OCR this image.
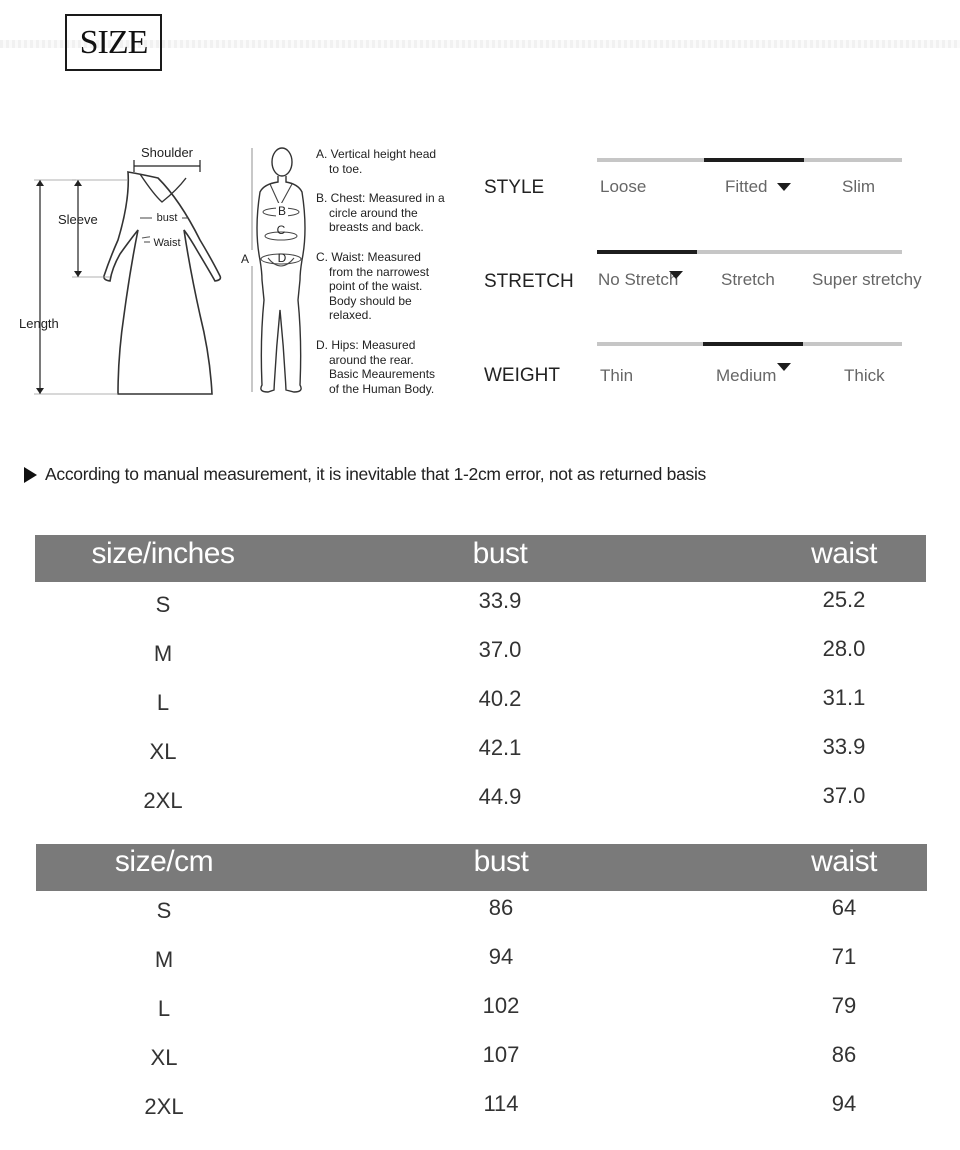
SIZE
Shoulder
Sleeve
Length
bust
Waist
A
B
C
D

A. Vertical height head

to toe.

B. Chest: Measured in a

circle around the

breasts and back.

C. Waist: Measured

from the narrowest

point of the waist.

Body should be

relaxed.

D. Hips: Measured

around the rear.

Basic Meaurements

of the Human Body.

STYLE	Loose	Fitted	Slim
STRETCH No Stretch	Stretch Super stretchy
WEIGHT Thin	Medium	Thick
According to manual measurement, it is inevitable that 1-2cm error, not as returned basis
size/inches	bust	waist
S	33.9	25.2
M	37.0	28.0
L	40.2	31.1
XL	42.1	33.9
2XL	44.9	37.0
size/cm	bust	waist
S	86	64
M	94	71
L	102	79
XL	107	86
2XL	114	94
